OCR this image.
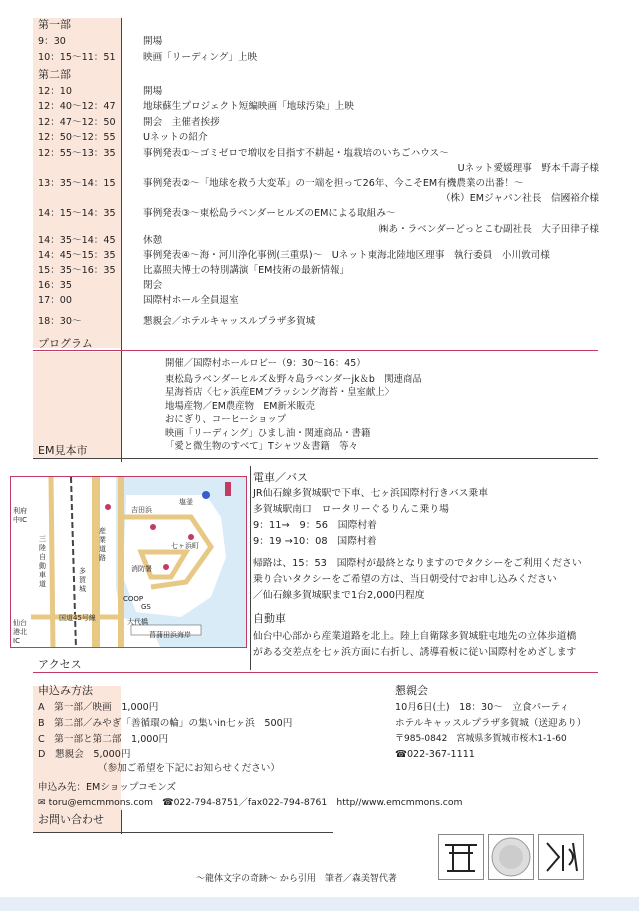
第一部
9：30	開場
10：15〜11：51	映画「リーディング」上映
第二部
12：10	開場
12：40〜12：47	地球蘇生プロジェクト短編映画「地球汚染」上映
12：47〜12：50	開会　主催者挨拶
12：50〜12：55	Uネットの紹介
12：55〜13：35	事例発表①〜ゴミゼロで増収を目指す不耕起・塩栽培のいちごハウス〜
Uネット愛媛理事　野本千壽子様
13：35〜14：15	事例発表②〜「地球を救う大変革」の一端を担って26年、今こそEM有機農業の出番！〜
（株）EMジャパン社長　信國裕介様
14：15〜14：35	事例発表③〜東松島ラベンダーヒルズのEMによる取組み〜
㈱あ・ラベンダーどっとこむ副社長　大子田律子様
14：35〜14：45	休憩
14：45〜15：35	事例発表④〜海・河川浄化事例(三重県)〜　Uネット東海北陸地区理事　執行委員　小川敦司様
15：35〜16：35	比嘉照夫博士の特別講演「EM技術の最新情報」
16：35	閉会
17：00	国際村ホール全員退室
18：30〜	懇親会／ホテルキャッスルプラザ多賀城
プログラム
開催／国際村ホールロビー（9：30〜16：45）
東松島ラベンダーヒルズ＆野々島ラベンダーjk＆b　関連商品
星海苔店〈七ヶ浜産EMブラッシング海苔・皇室献上〉
地場産物／EM農産物　EM新米販売
おにぎり、コーヒーショップ
映画「リーディング」ひまし油・関連商品・書籍
「愛と微生物のすべて」Tシャツ＆書籍　等々
EM見本市
利府中IC
仙台港北IC
三陸自動車道
国道45号線
多賀城
産業道路
吉田浜
塩釜
七ヶ浜町
消防署
COOP
GS
大代橋
菖蒲田浜海岸
電車／バス
JR仙石線多賀城駅で下車、七ヶ浜国際村行きバス乗車
多賀城駅南口　ロータリーぐるりんこ乗り場
9：11→　9：56　国際村着
9：19 →10：08　国際村着
帰路は、15：53　国際村が最終となりますのでタクシーをご利用ください
乗り合いタクシーをご希望の方は、当日朝受付でお申し込みください
／仙石線多賀城駅まで1台2,000円程度
自動車
仙台中心部から産業道路を北上。陸上自衛隊多賀城駐屯地先の立体歩道橋
がある交差点を七ヶ浜方面に右折し、誘導看板に従い国際村をめざします
アクセス
申込み方法
A　第一部／映画　1,000円
B　第二部／みやぎ「善循環の輪」の集いin七ヶ浜　500円
C　第一部と第二部　1,000円
D　懇親会　5,000円
（参加ご希望を下記にお知らせください）
懇親会
10月6日(土)　18：30〜　立食パーティ
ホテルキャッスルプラザ多賀城（送迎あり）
〒985-0842　宮城県多賀城市桜木1-1-60
☎022-367-1111
申込み先：EMショップコモンズ
✉ toru@emcmmons.com　☎022-794-8751／fax022-794-8761　http//www.emcmmons.com
お問い合わせ
〜龍体文字の奇跡〜 から引用　筆者／森美智代著
